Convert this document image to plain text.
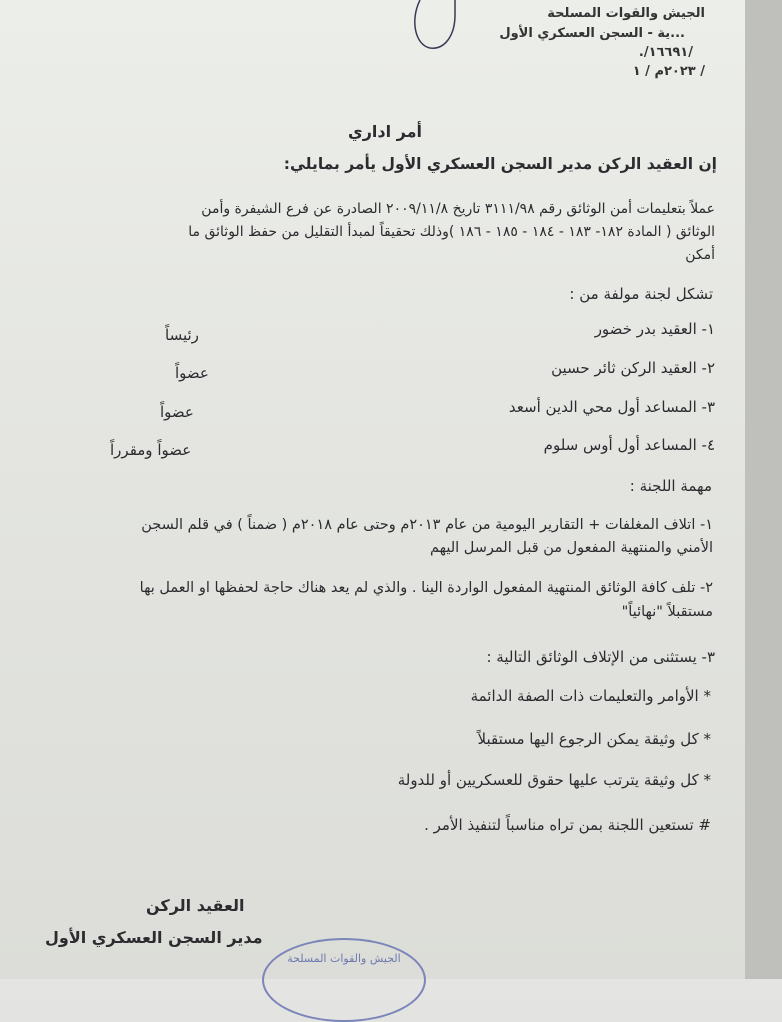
الجيش والقوات المسلحة
...ية - السجن العسكري الأول
/١٦٦٩١/.
/ ٢٠٢٣م / ١
أمر اداري
إن العقيد الركن مدير السجن العسكري الأول يأمر بمايلي:
عملاً بتعليمات أمن الوثائق رقم ٣١١١/٩٨ تاريخ ٢٠٠٩/١١/٨ الصادرة عن فرع الشيفرة وأمن
الوثائق ( المادة ١٨٢- ١٨٣ - ١٨٤ - ١٨٥ - ١٨٦ )وذلك تحقيقاً لمبدأ التقليل من حفظ الوثائق ما
أمكن
تشكل لجنة مولفة من :
١- العقيد بدر خضور
رئيساً
٢- العقيد الركن ثائر حسين
عضواً
٣- المساعد أول محي الدين أسعد
عضواً
٤- المساعد أول أوس سلوم
عضواً ومقرراً
مهمة اللجنة :
١- اتلاف المغلفات + التقارير اليومية من عام ٢٠١٣م وحتى عام ٢٠١٨م ( ضمناً ) في قلم السجن
الأمني والمنتهية المفعول من قبل المرسل اليهم
٢- تلف كافة الوثائق المنتهية المفعول الواردة الينا . والذي لم يعد هناك حاجة لحفظها او العمل بها
مستقبلاً "نهائياً"
٣- يستثنى من الإتلاف الوثائق التالية :
* الأوامر والتعليمات ذات الصفة الدائمة
* كل وثيقة يمكن الرجوع اليها مستقبلاً
* كل وثيقة يترتب عليها حقوق للعسكريين أو للدولة
# تستعين اللجنة بمن تراه مناسباً لتنفيذ الأمر .
العقيد الركن
مدير السجن العسكري الأول
الجيش والقوات المسلحة
